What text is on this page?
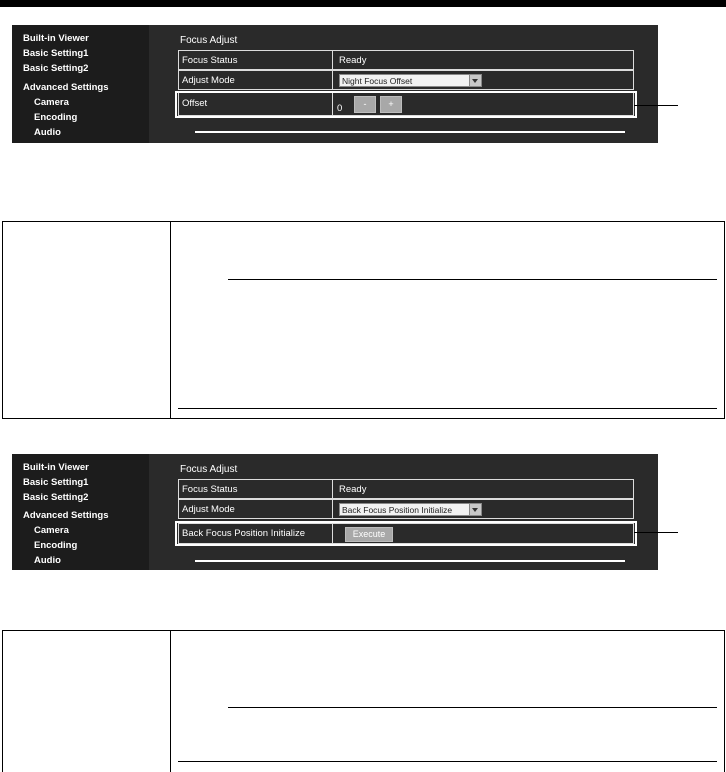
Built-in Viewer
Basic Setting1
Basic Setting2
Advanced Settings
Camera
Encoding
Audio
Focus Adjust
Focus Status	Ready
Adjust Mode	Night Focus Offset
Offset	0	-	+
Built-in Viewer
Basic Setting1
Basic Setting2
Advanced Settings
Camera
Encoding
Audio
Focus Adjust
Focus Status	Ready
Adjust Mode	Back Focus Position Initialize
Back Focus Position Initialize	Execute
